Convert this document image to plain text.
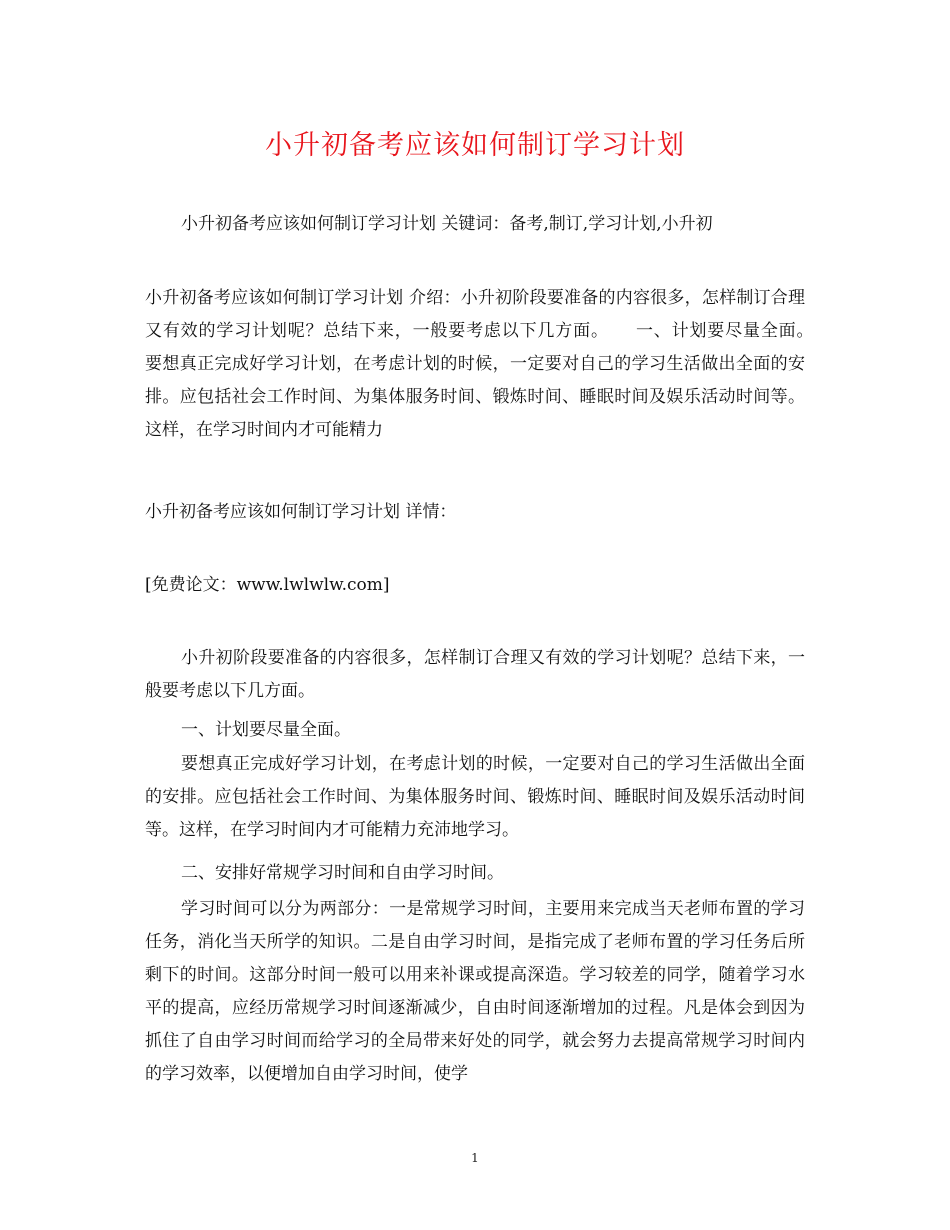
小升初备考应该如何制订学习计划
小升初备考应该如何制订学习计划 关键词：备考,制订,学习计划,小升初
小升初备考应该如何制订学习计划 介绍：小升初阶段要准备的内容很多，怎样制订合理又有效的学习计划呢？总结下来，一般要考虑以下几方面。　　一、计划要尽量全面。　　要想真正完成好学习计划，在考虑计划的时候，一定要对自己的学习生活做出全面的安排。应包括社会工作时间、为集体服务时间、锻炼时间、睡眠时间及娱乐活动时间等。这样，在学习时间内才可能精力
小升初备考应该如何制订学习计划 详情：
[免费论文：www.lwlwlw.com]
小升初阶段要准备的内容很多，怎样制订合理又有效的学习计划呢？总结下来，一般要考虑以下几方面。
一、计划要尽量全面。
要想真正完成好学习计划，在考虑计划的时候，一定要对自己的学习生活做出全面的安排。应包括社会工作时间、为集体服务时间、锻炼时间、睡眠时间及娱乐活动时间等。这样，在学习时间内才可能精力充沛地学习。
二、安排好常规学习时间和自由学习时间。
学习时间可以分为两部分：一是常规学习时间，主要用来完成当天老师布置的学习任务，消化当天所学的知识。二是自由学习时间，是指完成了老师布置的学习任务后所剩下的时间。这部分时间一般可以用来补课或提高深造。学习较差的同学，随着学习水平的提高，应经历常规学习时间逐渐减少，自由时间逐渐增加的过程。凡是体会到因为抓住了自由学习时间而给学习的全局带来好处的同学，就会努力去提高常规学习时间内的学习效率，以便增加自由学习时间，使学
1
